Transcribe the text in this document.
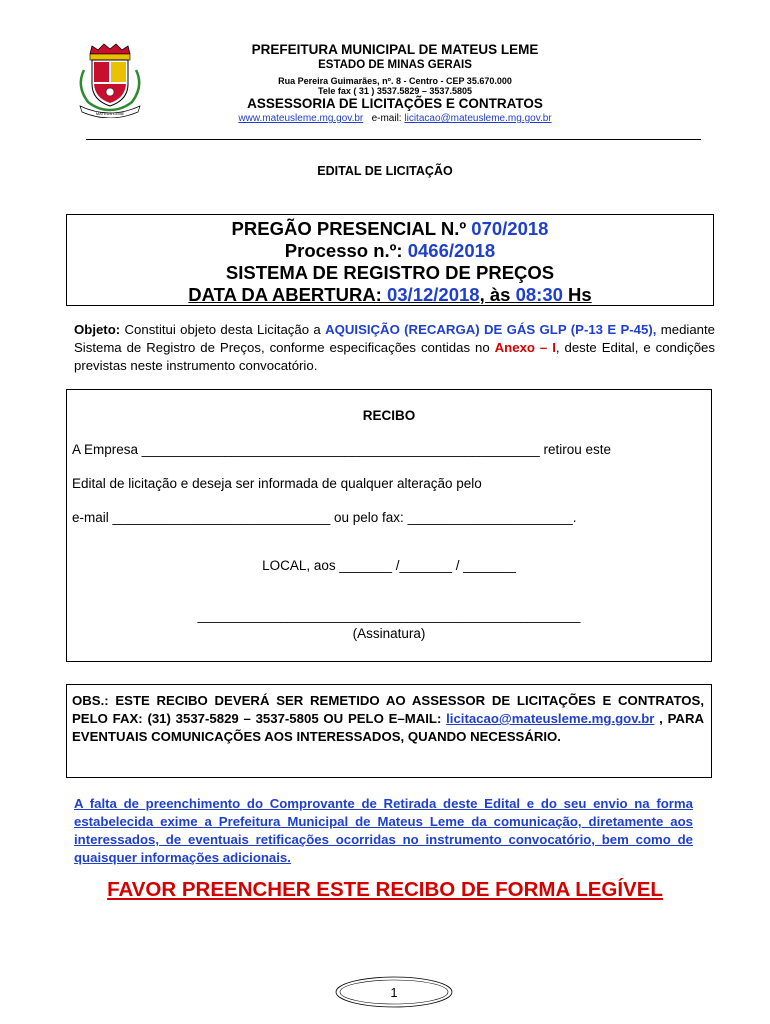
MATEUS LEME
PREFEITURA MUNICIPAL DE MATEUS LEME
ESTADO DE MINAS GERAIS
Rua Pereira Guimarães, nº. 8 - Centro - CEP 35.670.000
Tele fax ( 31 ) 3537.5829 – 3537.5805
ASSESSORIA DE LICITAÇÕES E CONTRATOS
www.mateusleme.mg.gov.br e-mail: licitacao@mateusleme.mg.gov.br
EDITAL DE LICITAÇÃO
PREGÃO PRESENCIAL N.º 070/2018
Processo n.º: 0466/2018
SISTEMA DE REGISTRO DE PREÇOS
DATA DA ABERTURA: 03/12/2018, às 08:30 Hs
Objeto: Constitui objeto desta Licitação a AQUISIÇÃO (RECARGA) DE GÁS GLP (P-13 E P-45), mediante Sistema de Registro de Preços, conforme especificações contidas no Anexo – I, deste Edital, e condições previstas neste instrumento convocatório.
RECIBO
A Empresa _____________________________________________________ retirou este
Edital de licitação e deseja ser informada de qualquer alteração pelo
e-mail _____________________________ ou pelo fax: ______________________.
LOCAL, aos _______ /_______ / _______
___________________________________________________
(Assinatura)
OBS.: ESTE RECIBO DEVERÁ SER REMETIDO AO ASSESSOR DE LICITAÇÕES E CONTRATOS, PELO FAX: (31) 3537-5829 – 3537-5805 OU PELO E–MAIL: licitacao@mateusleme.mg.gov.br , PARA EVENTUAIS COMUNICAÇÕES AOS INTERESSADOS, QUANDO NECESSÁRIO.
A falta de preenchimento do Comprovante de Retirada deste Edital e do seu envio na forma estabelecida exime a Prefeitura Municipal de Mateus Leme da comunicação, diretamente aos interessados, de eventuais retificações ocorridas no instrumento convocatório, bem como de quaisquer informações adicionais.
FAVOR PREENCHER ESTE RECIBO DE FORMA LEGÍVEL
1
